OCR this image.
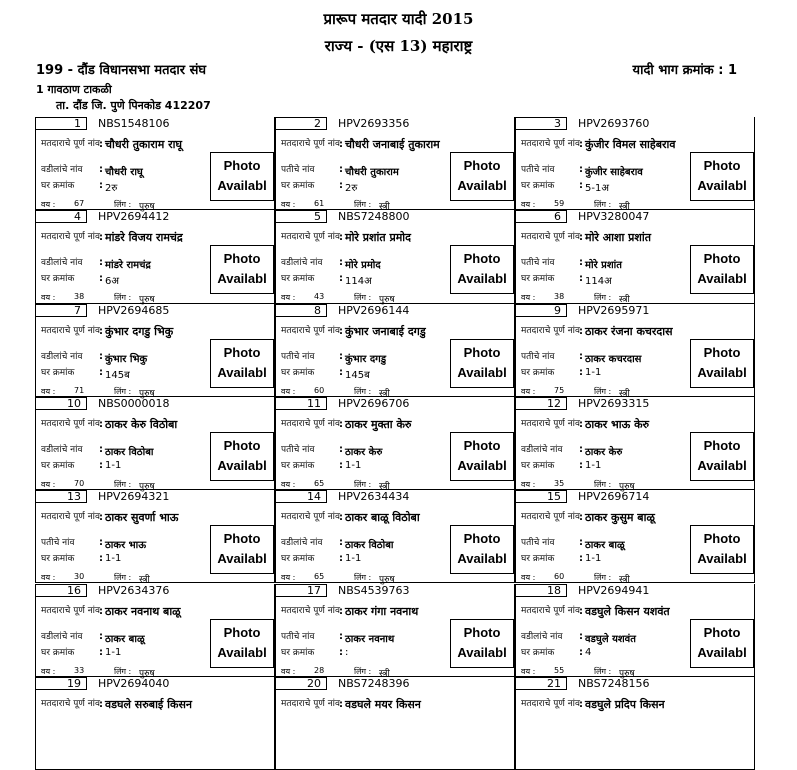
प्रारूप मतदार यादी 2015
राज्य - (एस 13) महाराष्ट्र
199 - दौंड विधानसभा मतदार संघ	यादी भाग क्रमांक : 1
1 गावठाण टाकळी
ता. दौंड जि. पुणे पिनकोड 412207
1	NBS1548106
मतदाराचे पूर्ण नांव
: चौधरी तुकाराम राघू
वडीलांचे नांव : चौधरी राघू
घर क्रमांक : 2रु
वय : 67	लिंग : पुरुष
Photo Availabl
2	HPV2693356
मतदाराचे पूर्ण नांव
: चौधरी जनाबाई तुकाराम
पतीचे नांव : चौधरी तुकाराम
घर क्रमांक : 2रु
वय : 61	लिंग : स्त्री
Photo Availabl
3	HPV2693760
मतदाराचे पूर्ण नांव
: कुंजीर विमल साहेबराव
पतीचे नांव : कुंजीर साहेबराव
घर क्रमांक : 5-1अ
वय : 59	लिंग : स्त्री
Photo Availabl
4	HPV2694412
मतदाराचे पूर्ण नांव
: मांडरे विजय रामचंद्र
वडीलांचे नांव : मांडरे रामचंद्र
घर क्रमांक : 6अ
वय : 38	लिंग : पुरुष
Photo Availabl
5	NBS7248800
मतदाराचे पूर्ण नांव
: मोरे प्रशांत प्रमोद
वडीलांचे नांव : मोरे प्रमोद
घर क्रमांक : 114अ
वय : 43	लिंग : पुरुष
Photo Availabl
6	HPV3280047
मतदाराचे पूर्ण नांव
: मोरे आशा प्रशांत
पतीचे नांव : मोरे प्रशांत
घर क्रमांक : 114अ
वय : 38	लिंग : स्त्री
Photo Availabl
7	HPV2694685
मतदाराचे पूर्ण नांव
: कुंभार दगडु भिकु
वडीलांचे नांव : कुंभार भिकु
घर क्रमांक : 145ब
वय : 71	लिंग : पुरुष
Photo Availabl
8	HPV2696144
मतदाराचे पूर्ण नांव
: कुंभार जनाबाई दगडु
पतीचे नांव : कुंभार दगडु
घर क्रमांक : 145ब
वय : 60	लिंग : स्त्री
Photo Availabl
9	HPV2695971
मतदाराचे पूर्ण नांव
: ठाकर रंजना कचरदास
पतीचे नांव : ठाकर कचरदास
घर क्रमांक : 1-1
वय : 75	लिंग : स्त्री
Photo Availabl
10	NBS0000018
मतदाराचे पूर्ण नांव
: ठाकर केरु विठोबा
वडीलांचे नांव : ठाकर विठोबा
घर क्रमांक : 1-1
वय : 70	लिंग : पुरुष
Photo Availabl
11	HPV2696706
मतदाराचे पूर्ण नांव
: ठाकर मुक्ता केरु
पतीचे नांव : ठाकर केरु
घर क्रमांक : 1-1
वय : 65	लिंग : स्त्री
Photo Availabl
12	HPV2693315
मतदाराचे पूर्ण नांव
: ठाकर भाऊ केरु
वडीलांचे नांव : ठाकर केरु
घर क्रमांक : 1-1
वय : 35	लिंग : पुरुष
Photo Availabl
13	HPV2694321
मतदाराचे पूर्ण नांव
: ठाकर सुवर्णा भाऊ
पतीचे नांव : ठाकर भाऊ
घर क्रमांक : 1-1
वय : 30	लिंग : स्त्री
Photo Availabl
14	HPV2634434
मतदाराचे पूर्ण नांव
: ठाकर बाळू विठोबा
वडीलांचे नांव : ठाकर विठोबा
घर क्रमांक : 1-1
वय : 65	लिंग : पुरुष
Photo Availabl
15	HPV2696714
मतदाराचे पूर्ण नांव
: ठाकर कुसुम बाळू
पतीचे नांव : ठाकर बाळू
घर क्रमांक : 1-1
वय : 60	लिंग : स्त्री
Photo Availabl
16	HPV2634376
मतदाराचे पूर्ण नांव
: ठाकर नवनाथ बाळू
वडीलांचे नांव : ठाकर बाळू
घर क्रमांक : 1-1
वय : 33	लिंग : पुरुष
Photo Availabl
17	NBS4539763
मतदाराचे पूर्ण नांव
: ठाकर गंगा नवनाथ
पतीचे नांव : ठाकर नवनाथ
घर क्रमांक : :
वय : 28	लिंग : स्त्री
Photo Availabl
18	HPV2694941
मतदाराचे पूर्ण नांव
: वडघुले किसन यशवंत
वडीलांचे नांव : वडघुले यशवंत
घर क्रमांक : 4
वय : 55	लिंग : पुरुष
Photo Availabl
19	HPV2694040
मतदाराचे पूर्ण नांव
: वडघले सरुबाई किसन
20	NBS7248396
मतदाराचे पूर्ण नांव
: वडघले मयर किसन
21	NBS7248156
मतदाराचे पूर्ण नांव
: वडघुले प्रदिप किसन
